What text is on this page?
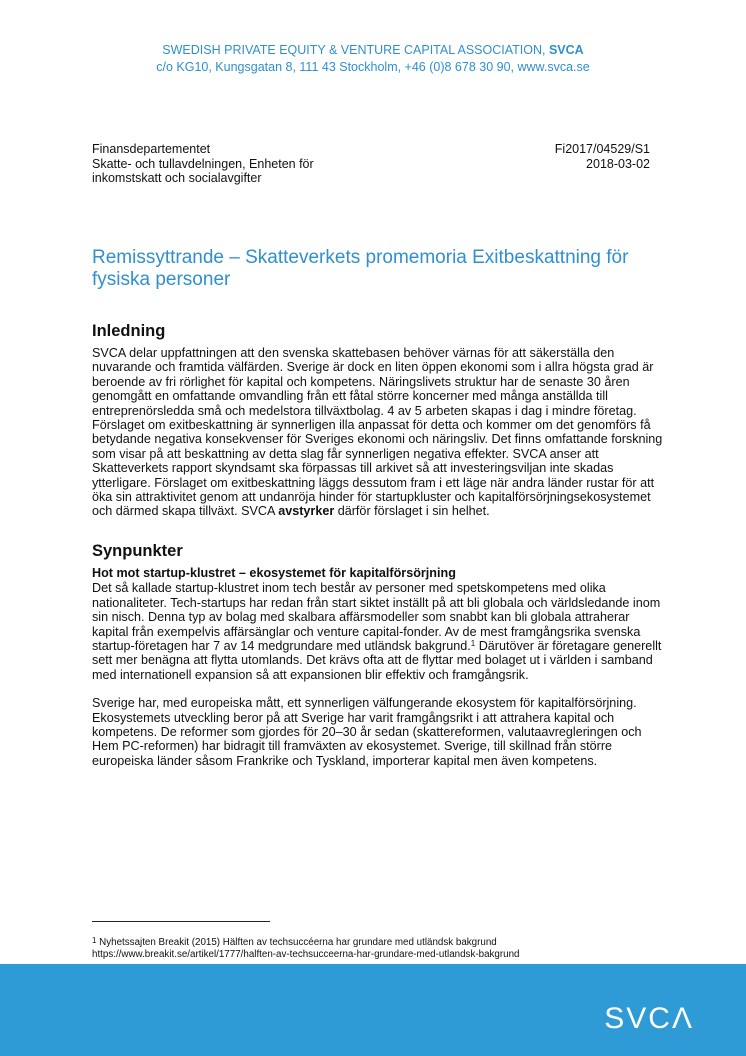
SWEDISH PRIVATE EQUITY & VENTURE CAPITAL ASSOCIATION, SVCA
c/o KG10, Kungsgatan 8, 111 43 Stockholm, +46 (0)8 678 30 90, www.svca.se
Finansdepartementet
Skatte- och tullavdelningen, Enheten för
inkomstskatt och socialavgifter
Fi2017/04529/S1
2018-03-02
Remissyttrande – Skatteverkets promemoria Exitbeskattning för fysiska personer
Inledning

SVCA delar uppfattningen att den svenska skattebasen behöver värnas för att säkerställa den nuvarande och framtida välfärden. Sverige är dock en liten öppen ekonomi som i allra högsta grad är beroende av fri rörlighet för kapital och kompetens. Näringslivets struktur har de senaste 30 åren genomgått en omfattande omvandling från ett fåtal större koncerner med många anställda till entreprenörsledda små och medelstora tillväxtbolag. 4 av 5 arbeten skapas i dag i mindre företag. Förslaget om exitbeskattning är synnerligen illa anpassat för detta och kommer om det genomförs få betydande negativa konsekvenser för Sveriges ekonomi och näringsliv. Det finns omfattande forskning som visar på att beskattning av detta slag får synnerligen negativa effekter. SVCA anser att Skatteverkets rapport skyndsamt ska förpassas till arkivet så att investeringsviljan inte skadas ytterligare. Förslaget om exitbeskattning läggs dessutom fram i ett läge när andra länder rustar för att öka sin attraktivitet genom att undanröja hinder för startupkluster och kapitalförsörjningsekosystemet och därmed skapa tillväxt. SVCA avstyrker därför förslaget i sin helhet.

Synpunkter
Hot mot startup-klustret – ekosystemet för kapitalförsörjning

Det så kallade startup-klustret inom tech består av personer med spetskompetens med olika nationaliteter. Tech-startups har redan från start siktet inställt på att bli globala och världsledande inom sin nisch. Denna typ av bolag med skalbara affärsmodeller som snabbt kan bli globala attraherar kapital från exempelvis affärsänglar och venture capital-fonder. Av de mest framgångsrika svenska startup-företagen har 7 av 14 medgrundare med utländsk bakgrund.$^1$ Därutöver är företagare generellt sett mer benägna att flytta utomlands. Det krävs ofta att de flyttar med bolaget ut i världen i samband med internationell expansion så att expansionen blir effektiv och framgångsrik.

Sverige har, med europeiska mått, ett synnerligen välfungerande ekosystem för kapitalförsörjning. Ekosystemets utveckling beror på att Sverige har varit framgångsrikt i att attrahera kapital och kompetens. De reformer som gjordes för 20–30 år sedan (skattereformen, valutaavregleringen och Hem PC-reformen) har bidragit till framväxten av ekosystemet. Sverige, till skillnad från större europeiska länder såsom Frankrike och Tyskland, importerar kapital men även kompetens.

$^1$ Nyhetssajten Breakit (2015) Hälften av techsuccéerna har grundare med utländsk bakgrund
https://www.breakit.se/artikel/1777/halften-av-techsucceerna-har-grundare-med-utlandsk-bakgrund
SVCΛ
